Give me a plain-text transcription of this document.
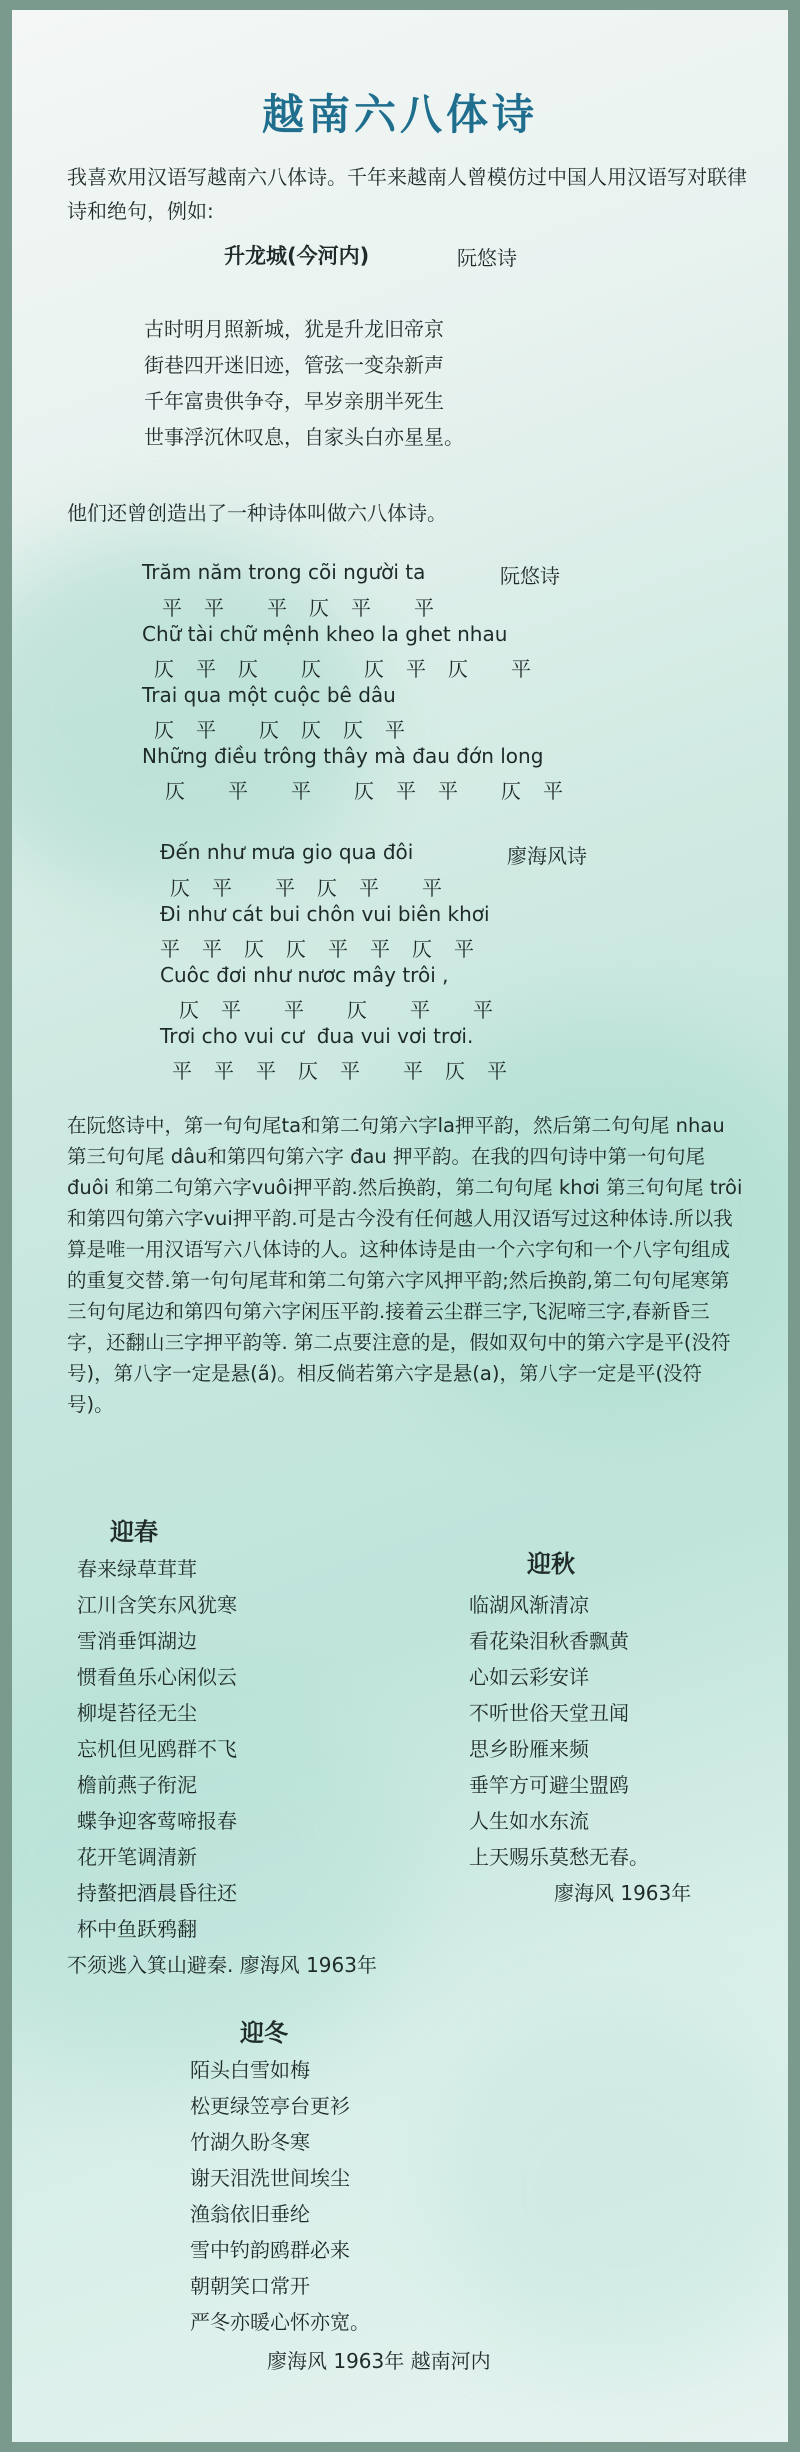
越南六八体诗

我喜欢用汉语写越南六八体诗。千年来越南人曾模仿过中国人用汉语写对联律诗和绝句，例如:

升龙城(今河内)	阮悠诗
古时明月照新城，犹是升龙旧帝京
街巷四开迷旧迹，管弦一变杂新声
千年富贵供争夺，早岁亲朋半死生
世事浮沉休叹息，自家头白亦星星。
他们还曾创造出了一种诗体叫做六八体诗。
Trăm năm trong cõi người ta	阮悠诗
平　平　　平　仄　平　　平
Chữ tài chữ mệnh kheo la ghet nhau
仄　平　仄　　仄　　仄　平　仄　　平
Trai qua một cuộc bê dâu
仄　平　　仄　仄　仄　平
Những điều trông thây mà đau đớn long
仄　　平　　平　　仄　平　平　　仄　平
Đến như mưa gio qua đôi	廖海风诗
仄　平　　平　仄　平　　平
Đi như cát bui chôn vui biên khơi
平　平　仄　仄　平　平　仄　平
Cuôc đơi như nươc mây trôi ,
仄　平　　平　　仄　　平　　平
Trơi cho vui cư  đua vui vơi trơi.
平　平　平　仄　平　　平　仄　平

在阮悠诗中，第一句句尾ta和第二句第六字la押平韵，然后第二句句尾 nhau 第三句句尾 dâu和第四句第六字 đau 押平韵。在我的四句诗中第一句句尾đuôi 和第二句第六字vuôi押平韵.然后换韵，第二句句尾 khơi 第三句句尾 trôi 和第四句第六字vui押平韵.可是古今没有任何越人用汉语写过这种体诗.所以我算是唯一用汉语写六八体诗的人。这种体诗是由一个六字句和一个八字句组成的重复交替.第一句句尾茸和第二句第六字风押平韵;然后换韵,第二句句尾寒第三句句尾边和第四句第六字闲压平韵.接着云尘群三字,飞泥啼三字,春新昏三字，还翻山三字押平韵等. 第二点要注意的是，假如双句中的第六字是平(没符号)，第八字一定是悬(a̋)。相反倘若第六字是悬(a)，第八字一定是平(没符号)。

迎春
春来绿草茸茸
江川含笑东风犹寒
雪消垂饵湖边
惯看鱼乐心闲似云
柳堤苔径无尘
忘机但见鸥群不飞
檐前燕子衔泥
蝶争迎客莺啼报春
花开笔调清新
持螯把酒晨昏往还
杯中鱼跃鸦翻
不须逃入箕山避秦. 廖海风 1963年
迎秋
临湖风渐清凉
看花染泪秋香飘黄
心如云彩安详
不听世俗天堂丑闻
思乡盼雁来频
垂竿方可避尘盟鸥
人生如水东流
上天赐乐莫愁无春。
廖海风 1963年
迎冬
陌头白雪如梅
松更绿笠亭台更衫
竹湖久盼冬寒
谢天泪洗世间埃尘
渔翁依旧垂纶
雪中钓韵鸥群必来
朝朝笑口常开
严冬亦暖心怀亦宽。
廖海风 1963年 越南河内
